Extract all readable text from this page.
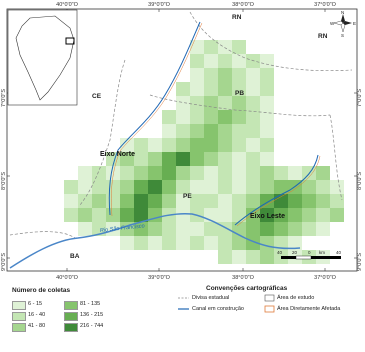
40°0'0"O	39°0'0"O	38°0'0"O	37°0'0"O
40°0'0"O	39°0'0"O	38°0'0"O	37°0'0"O
7°0'0"S
8°0'0"S
9°0'0"S
7°0'0"S
8°0'0"S
9°0'0"S
N
S
W	E
40 20 0	40
km
RN
RN
PB
CE
PE
BA
Eixo Norte
Eixo Leste
Rio São Francisco
Número de coletas	Convenções cartográficas
6 - 15
16 - 40
41 - 80
81 - 135
136 - 215
216 - 744
Divisa estadual
Canal em construção
Área de estudo
Área Diretamente Afetada
